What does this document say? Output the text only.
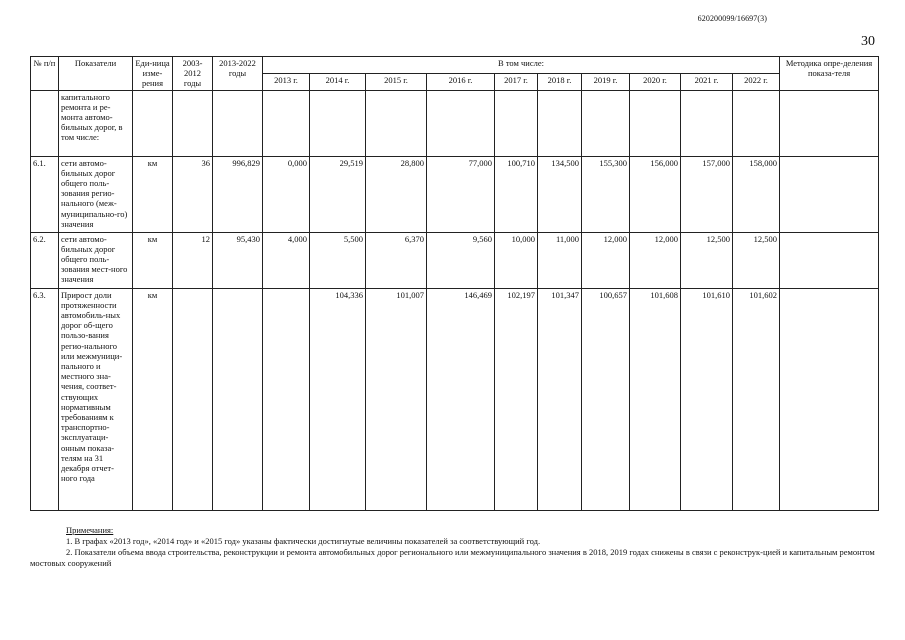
620200099/16697(3)
30
№ п/п	Показатели	Еди-ница изме-рения	2003-2012 годы	2013-2022 годы	В том числе:										Методика опре-деления показа-теля
					2013 г.	2014 г.	2015 г.	2016 г.	2017 г.	2018 г.	2019 г.	2020 г.	2021 г.	2022 г.	
	капитального ремонта и ре-монта автомо-бильных дорог, в том числе:														
6.1.	сети автомо-бильных дорог общего поль-зования регио-нального (меж-муниципально-го) значения	км	36	996,829	0,000	29,519	28,800	77,000	100,710	134,500	155,300	156,000	157,000	158,000	
6.2.	сети автомо-бильных дорог общего поль-зования мест-ного значения	км	12	95,430	4,000	5,500	6,370	9,560	10,000	11,000	12,000	12,000	12,500	12,500	
6.3.	Прирост доли протяженности автомобиль-ных дорог об-щего пользо-вания регио-нального или межмуници-пального и местного зна-чения, соответ-ствующих нормативным требованиям к транспортно-эксплуатаци-онным показа-телям на 31 декабря отчет-ного года	км				104,336	101,007	146,469	102,197	101,347	100,657	101,608	101,610	101,602	
Примечания:

1. В графах «2013 год», «2014 год» и «2015 год» указаны фактически достигнутые величины показателей за соответствующий год.

2. Показатели объема ввода строительства, реконструкции и ремонта автомобильных дорог регионального или межмуниципального значения в 2018, 2019 годах снижены в связи с реконструк-цией и капитальным ремонтом мостовых сооружений
